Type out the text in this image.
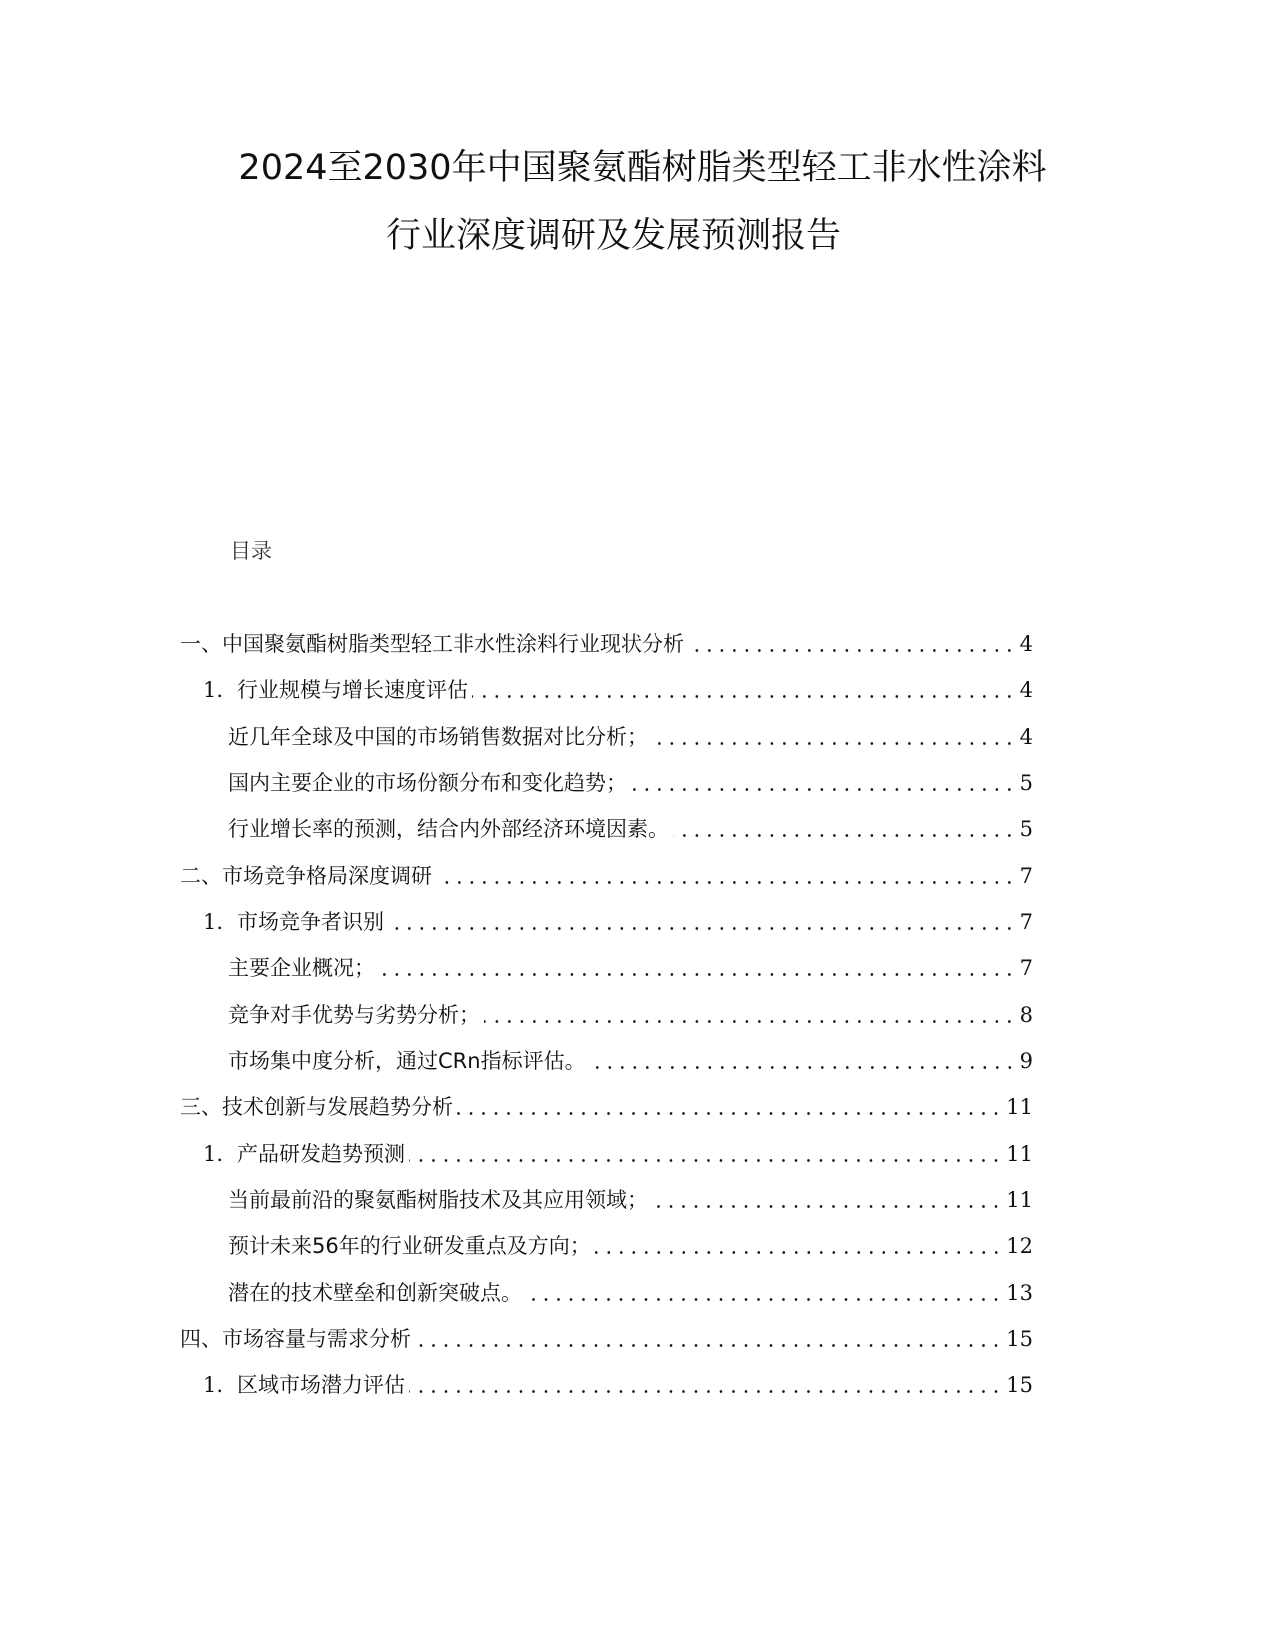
2024至2030年中国聚氨酯树脂类型轻工非水性涂料
行业深度调研及发展预测报告
目录
一、中国聚氨酯树脂类型轻工非水性涂料行业现状分析	4
1. 行业规模与增长速度评估	4
近几年全球及中国的市场销售数据对比分析；	4
国内主要企业的市场份额分布和变化趋势；	5
行业增长率的预测，结合内外部经济环境因素。	5
二、市场竞争格局深度调研	7
1. 市场竞争者识别	7
主要企业概况；	7
竞争对手优势与劣势分析；	8
市场集中度分析，通过CRn指标评估。	9
三、技术创新与发展趋势分析	11
1. 产品研发趋势预测	11
当前最前沿的聚氨酯树脂技术及其应用领域；	11
预计未来56年的行业研发重点及方向；	12
潜在的技术壁垒和创新突破点。	13
四、市场容量与需求分析	15
1. 区域市场潜力评估	15
